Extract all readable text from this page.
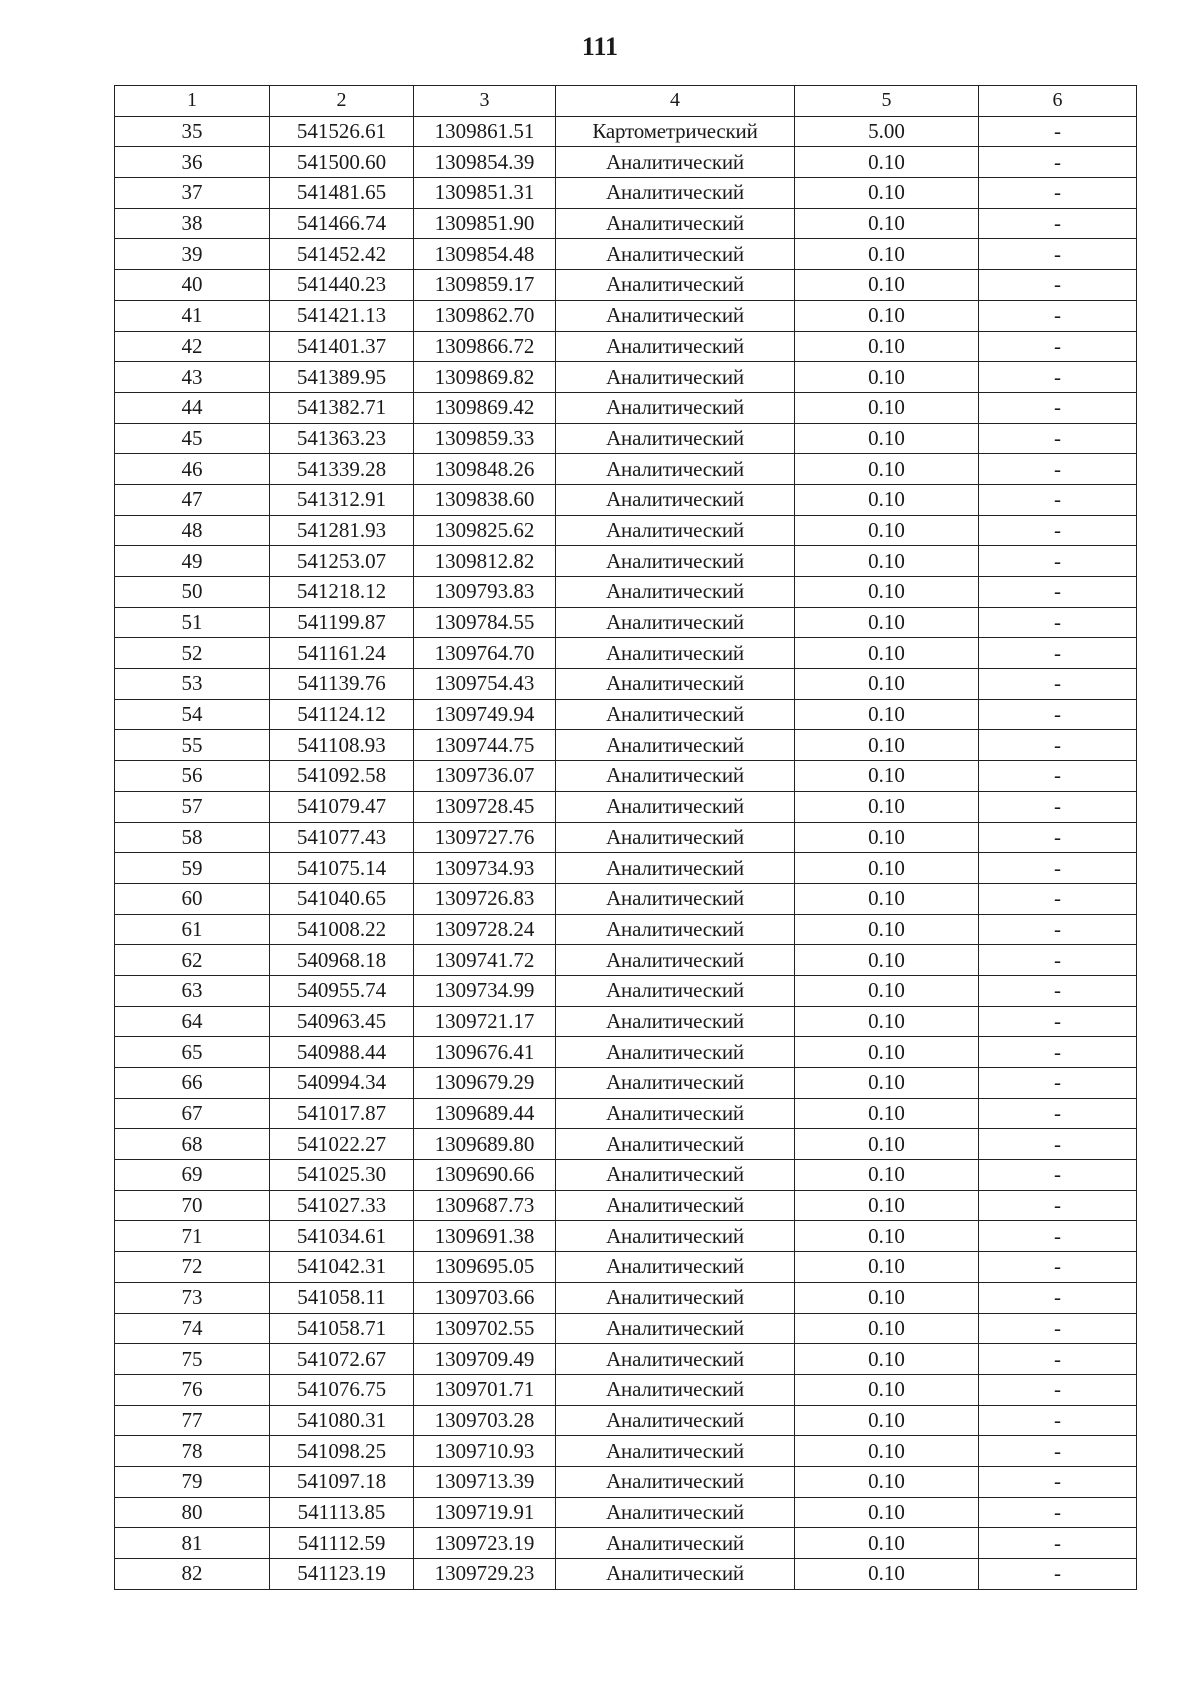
111
1	2	3	4	5	6
35	541526.61	1309861.51	Картометрический	5.00	-
36	541500.60	1309854.39	Аналитический	0.10	-
37	541481.65	1309851.31	Аналитический	0.10	-
38	541466.74	1309851.90	Аналитический	0.10	-
39	541452.42	1309854.48	Аналитический	0.10	-
40	541440.23	1309859.17	Аналитический	0.10	-
41	541421.13	1309862.70	Аналитический	0.10	-
42	541401.37	1309866.72	Аналитический	0.10	-
43	541389.95	1309869.82	Аналитический	0.10	-
44	541382.71	1309869.42	Аналитический	0.10	-
45	541363.23	1309859.33	Аналитический	0.10	-
46	541339.28	1309848.26	Аналитический	0.10	-
47	541312.91	1309838.60	Аналитический	0.10	-
48	541281.93	1309825.62	Аналитический	0.10	-
49	541253.07	1309812.82	Аналитический	0.10	-
50	541218.12	1309793.83	Аналитический	0.10	-
51	541199.87	1309784.55	Аналитический	0.10	-
52	541161.24	1309764.70	Аналитический	0.10	-
53	541139.76	1309754.43	Аналитический	0.10	-
54	541124.12	1309749.94	Аналитический	0.10	-
55	541108.93	1309744.75	Аналитический	0.10	-
56	541092.58	1309736.07	Аналитический	0.10	-
57	541079.47	1309728.45	Аналитический	0.10	-
58	541077.43	1309727.76	Аналитический	0.10	-
59	541075.14	1309734.93	Аналитический	0.10	-
60	541040.65	1309726.83	Аналитический	0.10	-
61	541008.22	1309728.24	Аналитический	0.10	-
62	540968.18	1309741.72	Аналитический	0.10	-
63	540955.74	1309734.99	Аналитический	0.10	-
64	540963.45	1309721.17	Аналитический	0.10	-
65	540988.44	1309676.41	Аналитический	0.10	-
66	540994.34	1309679.29	Аналитический	0.10	-
67	541017.87	1309689.44	Аналитический	0.10	-
68	541022.27	1309689.80	Аналитический	0.10	-
69	541025.30	1309690.66	Аналитический	0.10	-
70	541027.33	1309687.73	Аналитический	0.10	-
71	541034.61	1309691.38	Аналитический	0.10	-
72	541042.31	1309695.05	Аналитический	0.10	-
73	541058.11	1309703.66	Аналитический	0.10	-
74	541058.71	1309702.55	Аналитический	0.10	-
75	541072.67	1309709.49	Аналитический	0.10	-
76	541076.75	1309701.71	Аналитический	0.10	-
77	541080.31	1309703.28	Аналитический	0.10	-
78	541098.25	1309710.93	Аналитический	0.10	-
79	541097.18	1309713.39	Аналитический	0.10	-
80	541113.85	1309719.91	Аналитический	0.10	-
81	541112.59	1309723.19	Аналитический	0.10	-
82	541123.19	1309729.23	Аналитический	0.10	-
